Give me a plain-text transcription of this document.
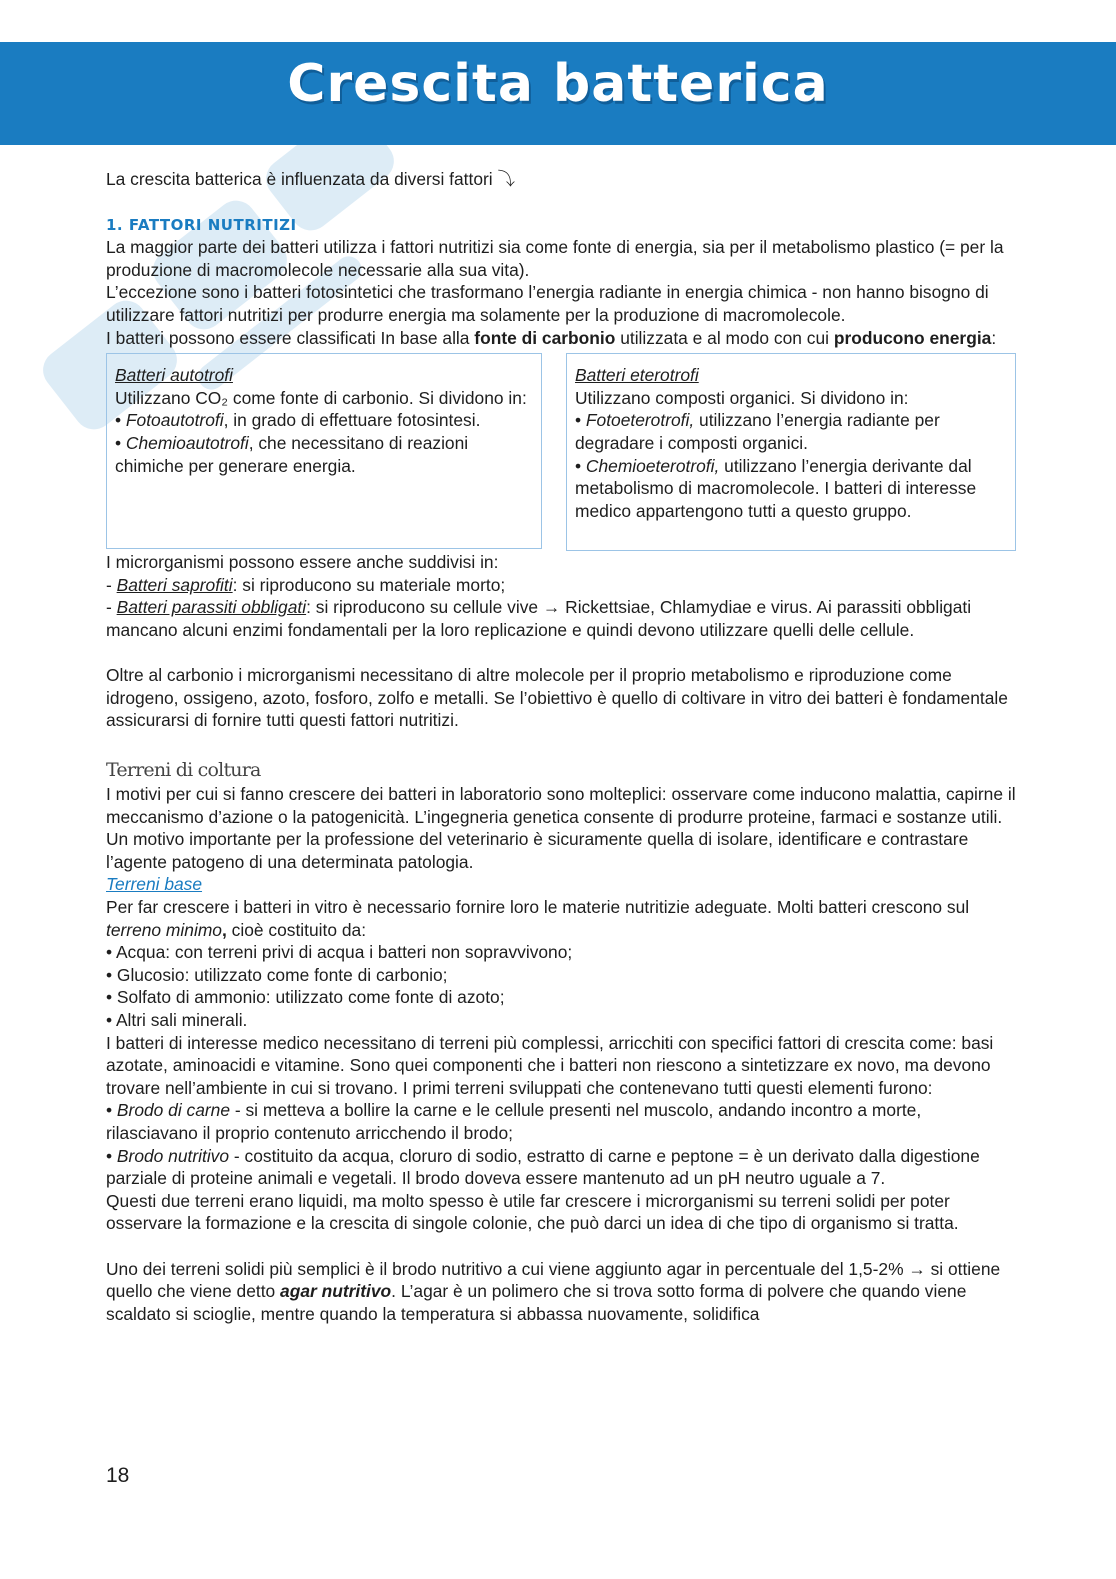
Crescita batterica

La crescita batterica è influenzata da diversi fattori ⤵

1. FATTORI NUTRITIZI

La maggior parte dei batteri utilizza i fattori nutritizi sia come fonte di energia, sia per il metabolismo plastico (= per la produzione di macromolecole necessarie alla sua vita).

L’eccezione sono i batteri fotosintetici che trasformano l’energia radiante in energia chimica - non hanno bisogno di utilizzare fattori nutritizi per produrre energia ma solamente per la produzione di macromolecole.

I batteri possono essere classificati In base alla fonte di carbonio utilizzata e al modo con cui producono energia:

Batteri autotrofi
Utilizzano CO₂ come fonte di carbonio. Si dividono in:
• Fotoautotrofi, in grado di effettuare fotosintesi.
• Chemioautotrofi, che necessitano di reazioni chimiche per generare energia.
Batteri eterotrofi
Utilizzano composti organici. Si dividono in:
• Fotoeterotrofi, utilizzano l’energia radiante per degradare i composti organici.
• Chemioeterotrofi, utilizzano l’energia derivante dal metabolismo di macromolecole. I batteri di interesse medico appartengono tutti a questo gruppo.

I microrganismi possono essere anche suddivisi in:

- Batteri saprofiti: si riproducono su materiale morto;

- Batteri parassiti obbligati: si riproducono su cellule vive → Rickettsiae, Chlamydiae e virus. Ai parassiti obbligati mancano alcuni enzimi fondamentali per la loro replicazione e quindi devono utilizzare quelli delle cellule.

Oltre al carbonio i microrganismi necessitano di altre molecole per il proprio metabolismo e riproduzione come idrogeno, ossigeno, azoto, fosforo, zolfo e metalli. Se l’obiettivo è quello di coltivare in vitro dei batteri è fondamentale assicurarsi di fornire tutti questi fattori nutritizi.

Terreni di coltura

I motivi per cui si fanno crescere dei batteri in laboratorio sono molteplici: osservare come inducono malattia, capirne il meccanismo d’azione o la patogenicità. L’ingegneria genetica consente di produrre proteine, farmaci e sostanze utili. Un motivo importante per la professione del veterinario è sicuramente quella di isolare, identificare e contrastare l’agente patogeno di una determinata patologia.

Terreni base

Per far crescere i batteri in vitro è necessario fornire loro le materie nutritizie adeguate. Molti batteri crescono sul terreno minimo, cioè costituito da:

• Acqua: con terreni privi di acqua i batteri non sopravvivono;

• Glucosio: utilizzato come fonte di carbonio;

• Solfato di ammonio: utilizzato come fonte di azoto;

• Altri sali minerali.

I batteri di interesse medico necessitano di terreni più complessi, arricchiti con specifici fattori di crescita come: basi azotate, aminoacidi e vitamine. Sono quei componenti che i batteri non riescono a sintetizzare ex novo, ma devono trovare nell’ambiente in cui si trovano. I primi terreni sviluppati che contenevano tutti questi elementi furono:

• Brodo di carne - si metteva a bollire la carne e le cellule presenti nel muscolo, andando incontro a morte, rilasciavano il proprio contenuto arricchendo il brodo;

• Brodo nutritivo - costituito da acqua, cloruro di sodio, estratto di carne e peptone = è un derivato dalla digestione parziale di proteine animali e vegetali. Il brodo doveva essere mantenuto ad un pH neutro uguale a 7.

Questi due terreni erano liquidi, ma molto spesso è utile far crescere i microrganismi su terreni solidi per poter osservare la formazione e la crescita di singole colonie, che può darci un idea di che tipo di organismo si tratta.

Uno dei terreni solidi più semplici è il brodo nutritivo a cui viene aggiunto agar in percentuale del 1,5-2% → si ottiene quello che viene detto agar nutritivo. L’agar è un polimero che si trova sotto forma di polvere che quando viene scaldato si scioglie, mentre quando la temperatura si abbassa nuovamente, solidifica

18
